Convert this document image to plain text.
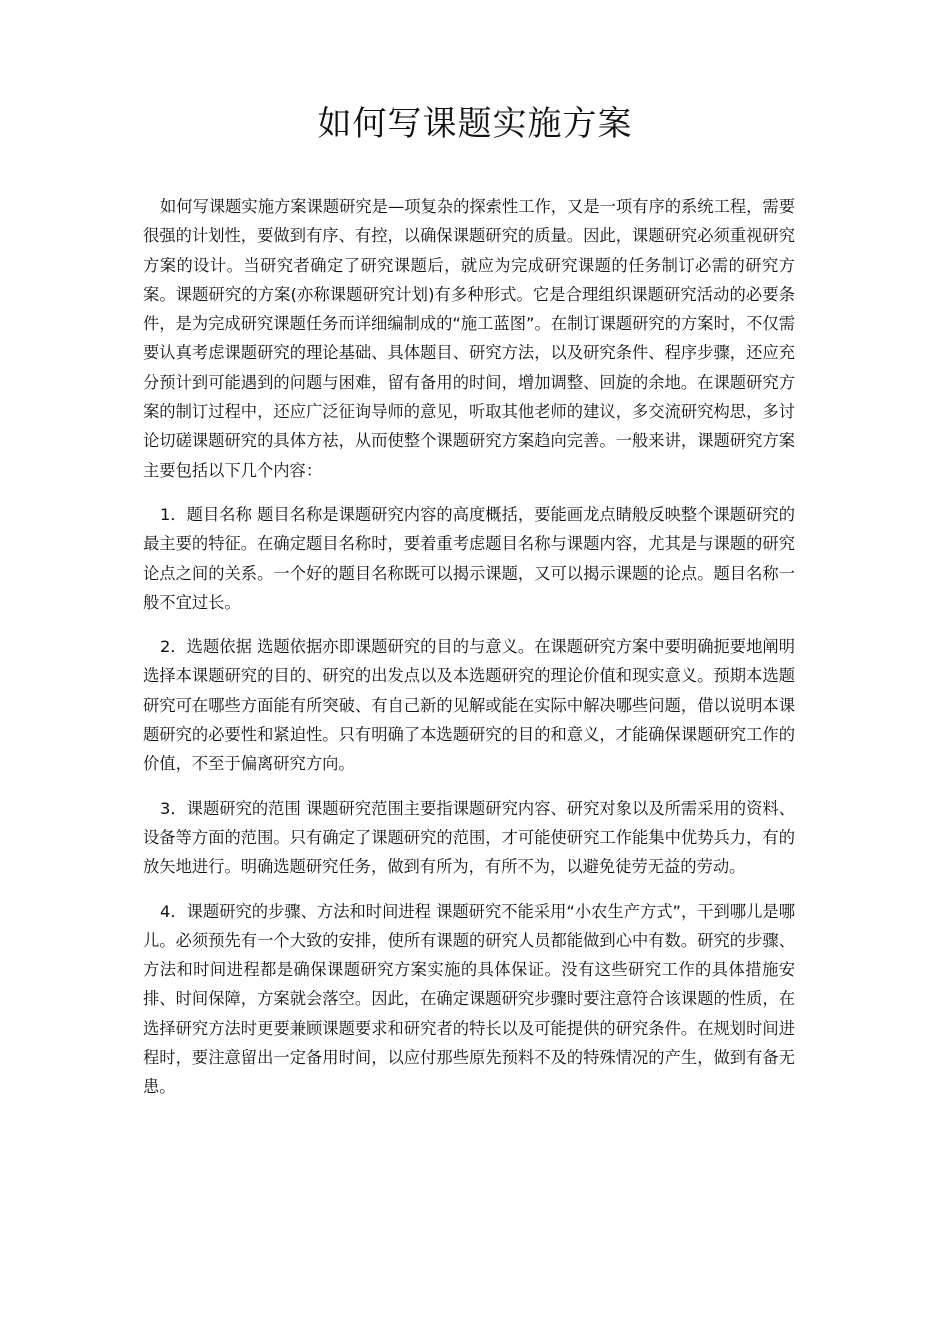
如何写课题实施方案

如何写课题实施方案课题研究是—项复杂的探索性工作，又是一项有序的系统工程，需要很强的计划性，要做到有序、有控，以确保课题研究的质量。因此，课题研究必须重视研究方案的设计。当研究者确定了研究课题后，就应为完成研究课题的任务制订必需的研究方案。课题研究的方案(亦称课题研究计划)有多种形式。它是合理组织课题研究活动的必要条件，是为完成研究课题任务而详细编制成的“施工蓝图”。在制订课题研究的方案时，不仅需要认真考虑课题研究的理论基础、具体题目、研究方法，以及研究条件、程序步骤，还应充分预计到可能遇到的问题与困难，留有备用的时间，增加调整、回旋的余地。在课题研究方案的制订过程中，还应广泛征询导师的意见，听取其他老师的建议，多交流研究构思，多讨论切磋课题研究的具体方祛，从而使整个课题研究方案趋向完善。一般来讲，课题研究方案主要包括以下几个内容：

1．题目名称 题目名称是课题研究内容的高度概括，要能画龙点睛般反映整个课题研究的最主要的特征。在确定题目名称时，要着重考虑题目名称与课题内容，尤其是与课题的研究论点之间的关系。一个好的题目名称既可以揭示课题，又可以揭示课题的论点。题目名称一般不宜过长。

2．选题依据 选题依据亦即课题研究的目的与意义。在课题研究方案中要明确扼要地阐明选择本课题研究的目的、研究的出发点以及本选题研究的理论价值和现实意义。预期本选题研究可在哪些方面能有所突破、有自己新的见解或能在实际中解决哪些问题，借以说明本课题研究的必要性和紧迫性。只有明确了本选题研究的目的和意义，才能确保课题研究工作的价值，不至于偏离研究方向。

3．课题研究的范围 课题研究范围主要指课题研究内容、研究对象以及所需采用的资料、设备等方面的范围。只有确定了课题研究的范围，才可能使研究工作能集中优势兵力，有的放矢地进行。明确选题研究任务，做到有所为，有所不为，以避免徒劳无益的劳动。

4．课题研究的步骤、方法和时间进程 课题研究不能采用“小农生产方式”，干到哪儿是哪儿。必须预先有一个大致的安排，使所有课题的研究人员都能做到心中有数。研究的步骤、方法和时间进程都是确保课题研究方案实施的具体保证。没有这些研究工作的具体措施安排、时间保障，方案就会落空。因此，在确定课题研究步骤时要注意符合该课题的性质，在选择研究方法时更要兼顾课题要求和研究者的特长以及可能提供的研究条件。在规划时间进程时，要注意留出一定备用时间，以应付那些原先预料不及的特殊情况的产生，做到有备无患。
